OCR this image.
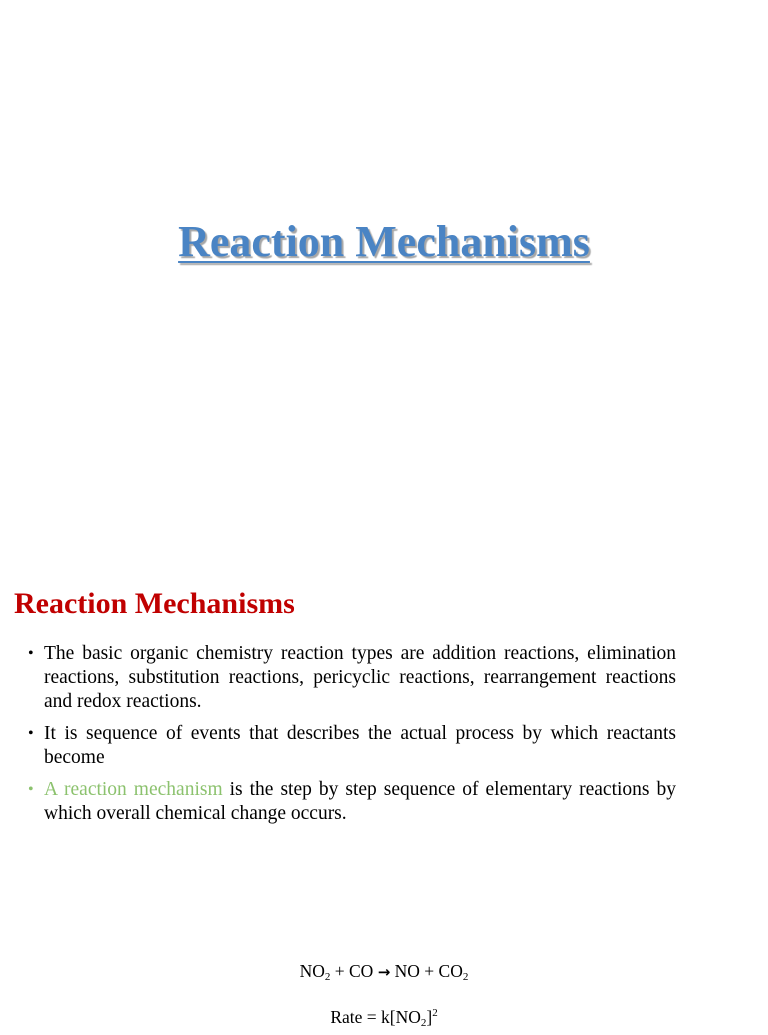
Reaction Mechanisms
Reaction Mechanisms
• The basic organic chemistry reaction types are addition reactions, elimination reactions, substitution reactions, pericyclic reactions, rearrangement reactions and redox reactions.
• It is sequence of events that describes the actual process by which reactants become
• A reaction mechanism is the step by step sequence of elementary reactions by which overall chemical change occurs.

$NO_2$ + CO → NO + $CO_2$

Rate = $k[NO_2]^2$
